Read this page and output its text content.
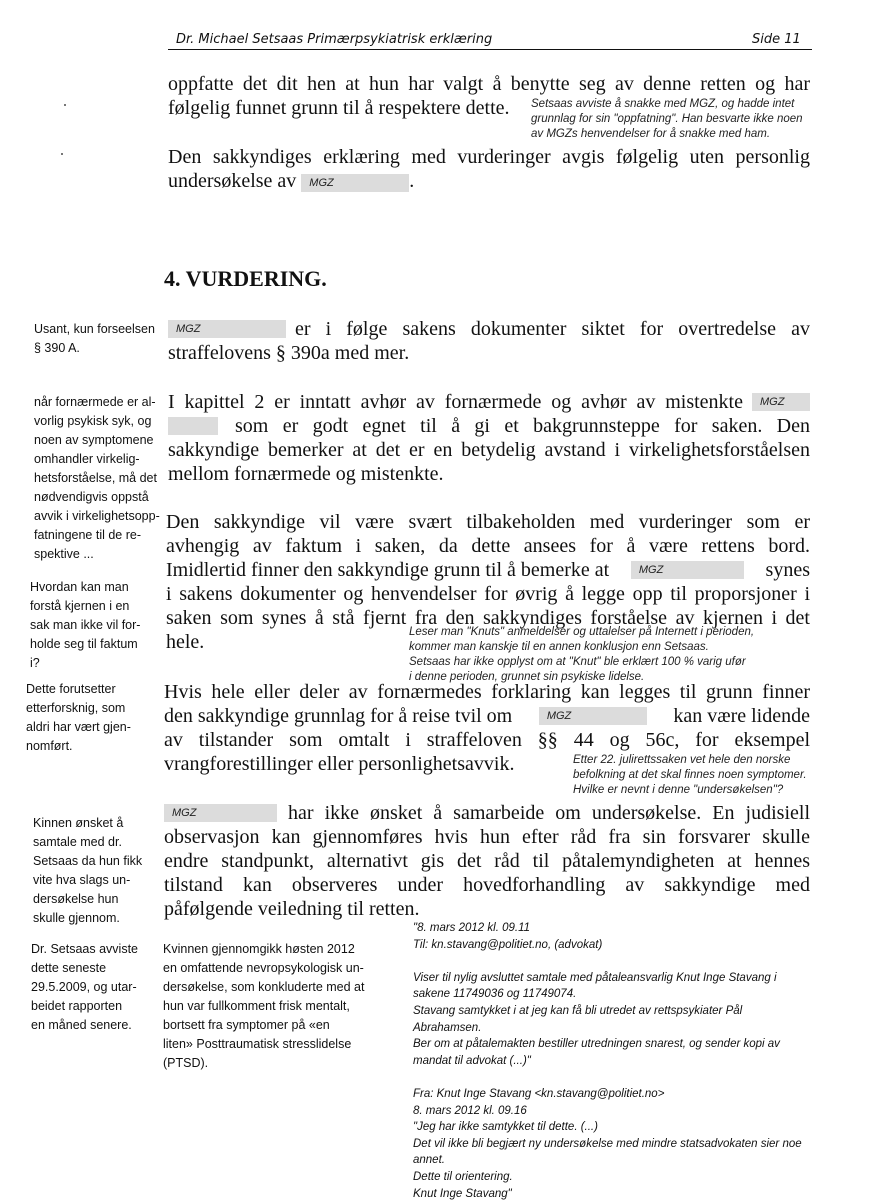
Dr. Michael Setsaas Primærpsykiatrisk erklæring	Side 11
oppfatte det dit hen at hun har valgt å benytte seg av denne retten og har
følgelig funnet grunn til å respektere dette.	Setsaas avviste å snakke med MGZ, og hadde intet
grunnlag for sin "oppfatning". Han besvarte ikke noen
av MGZs henvendelser for å snakke med ham.
Den sakkyndiges erklæring med vurderinger avgis følgelig uten personlig
undersøkelse av MGZ	.
4. VURDERING.
Usant, kun forseelsen
§ 390 A.
MGZ	er i følge sakens dokumenter siktet for overtredelse av
straffelovens § 390a med mer.
når fornærmede er al-
vorlig psykisk syk, og
noen av symptomene
omhandler virkelig-
hetsforståelse, må det
nødvendigvis oppstå
avvik i virkelighetsopp-
fatningene til de re-
spektive ...
I kapittel 2 er inntatt avhør av fornærmede og avhør av mistenkte	MGZ
som er godt egnet til å gi et bakgrunnsteppe for saken. Den
sakkyndige bemerker at det er en betydelig avstand i virkelighetsforståelsen
mellom fornærmede og mistenkte.
Den sakkyndige vil være svært tilbakeholden med vurderinger som er
avhengig av faktum i saken, da dette ansees for å være rettens bord.
Imidlertid finner den sakkyndige grunn til å bemerke at	MGZ	synes
i sakens dokumenter og henvendelser for øvrig å legge opp til proporsjoner i
saken som synes å stå fjernt fra den sakkyndiges forståelse av kjernen i det
hele.
Hvordan kan man
forstå kjernen i en
sak man ikke vil for-
holde seg til faktum
i?
Leser man "Knuts" anmeldelser og uttalelser på Internett i perioden,
kommer man kanskje til en annen konklusjon enn Setsaas.
Setsaas har ikke opplyst om at "Knut" ble erklært 100 % varig ufør
i denne perioden, grunnet sin psykiske lidelse.
Dette forutsetter
etterforsknig, som
aldri har vært gjen-
nomført.
Hvis hele eller deler av fornærmedes forklaring kan legges til grunn finner
den sakkyndige grunnlag for å reise tvil om	MGZ	kan være lidende
av tilstander som omtalt i straffeloven §§ 44 og 56c, for eksempel
vrangforestillinger eller personlighetsavvik.	Etter 22. julirettssaken vet hele den norske
befolkning at det skal finnes noen symptomer.
Hvilke er nevnt i denne "undersøkelsen"?
MGZ	har ikke ønsket å samarbeide om undersøkelse. En judisiell
observasjon kan gjennomføres hvis hun efter råd fra sin forsvarer skulle
endre standpunkt, alternativt gis det råd til påtalemyndigheten at hennes
tilstand kan observeres under hovedforhandling av sakkyndige med
påfølgende veiledning til retten.
Kinnen ønsket å
samtale med dr.
Setsaas da hun fikk
vite hva slags un-
dersøkelse hun
skulle gjennom.
Dr. Setsaas avviste
dette seneste
29.5.2009, og utar-
beidet rapporten
en måned senere.
Kvinnen gjennomgikk høsten 2012
en omfattende nevropsykologisk un-
dersøkelse, som konkluderte med at
hun var fullkomment frisk mentalt,
bortsett fra symptomer på «en
liten» Posttraumatisk stresslidelse
(PTSD).
"8. mars 2012 kl. 09.11
Til: kn.stavang@politiet.no, (advokat)
Viser til nylig avsluttet samtale med påtaleansvarlig Knut Inge Stavang i
sakene 11749036 og 11749074.
Stavang samtykket i at jeg kan få bli utredet av rettspsykiater Pål
Abrahamsen.
Ber om at påtalemakten bestiller utredningen snarest, og sender kopi av
mandat til advokat (...)"
Fra: Knut Inge Stavang <kn.stavang@politiet.no>
8. mars 2012 kl. 09.16
"Jeg har ikke samtykket til dette. (...)
Det vil ikke bli begjært ny undersøkelse med mindre statsadvokaten sier noe
annet.
Dette til orientering.
Knut Inge Stavang"
